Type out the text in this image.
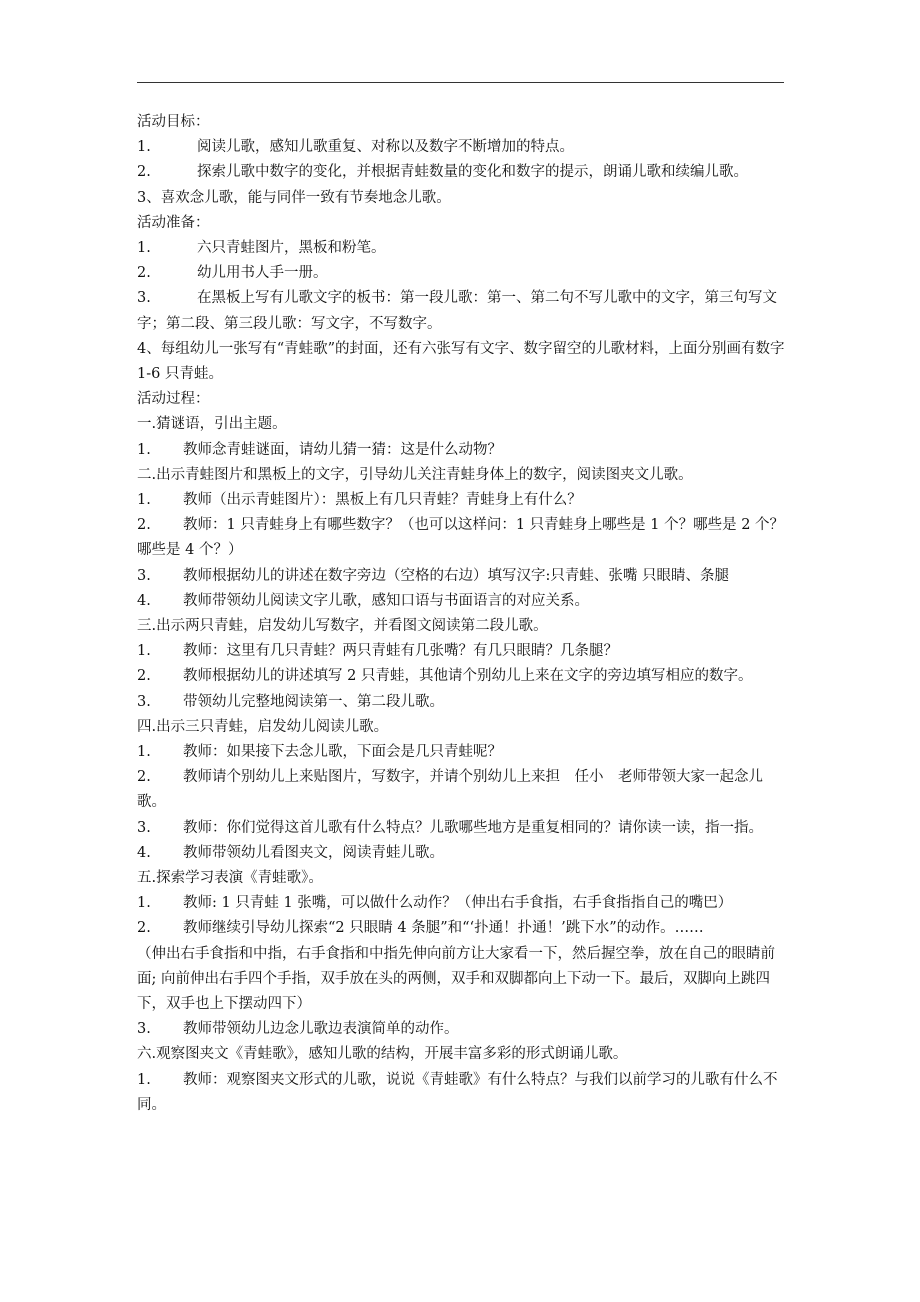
活动目标：
1.	阅读儿歌，感知儿歌重复、对称以及数字不断增加的特点。
2.	探索儿歌中数字的变化，并根据青蛙数量的变化和数字的提示，朗诵儿歌和续编儿歌。
3、喜欢念儿歌，能与同伴一致有节奏地念儿歌。
活动准备：
1.	六只青蛙图片，黑板和粉笔。
2.	幼儿用书人手一册。
3.	在黑板上写有儿歌文字的板书：第一段儿歌：第一、第二句不写儿歌中的文字，第三句写文字；第二段、第三段儿歌：写文字，不写数字。
4、每组幼儿一张写有“青蛙歌”的封面，还有六张写有文字、数字留空的儿歌材料，上面分别画有数字 1-6 只青蛙。
活动过程：
一.猜谜语，引出主题。
1.	教师念青蛙谜面，请幼儿猜一猜：这是什么动物？
二.出示青蛙图片和黑板上的文字，引导幼儿关注青蛙身体上的数字，阅读图夹文儿歌。
1.	教师（出示青蛙图片）：黑板上有几只青蛙？青蛙身上有什么？
2. 教师：1 只青蛙身上有哪些数字？（也可以这样问：1 只青蛙身上哪些是 1 个？哪些是 2 个？哪些是 4 个？）
3. 教师根据幼儿的讲述在数字旁边（空格的右边）填写汉字:只青蛙、张嘴 只眼睛、条腿
4.	教师带领幼儿阅读文字儿歌，感知口语与书面语言的对应关系。
三.出示两只青蛙，启发幼儿写数字，并看图文阅读第二段儿歌。
1.	教师：这里有几只青蛙？两只青蛙有几张嘴？有几只眼睛？几条腿？
2. 教师根据幼儿的讲述填写 2 只青蛙，其他请个别幼儿上来在文字的旁边填写相应的数字。
3.	带领幼儿完整地阅读第一、第二段儿歌。
四.出示三只青蛙，启发幼儿阅读儿歌。
1.	教师：如果接下去念儿歌，下面会是几只青蛙呢？
2. 教师请个别幼儿上来贴图片，写数字，并请个别幼儿上来担　任小　老师带领大家一起念儿歌。
3. 教师：你们觉得这首儿歌有什么特点？儿歌哪些地方是重复相同的？请你读一读，指一指。
4.	教师带领幼儿看图夹文，阅读青蛙儿歌。
五.探索学习表演《青蛙歌》。
1.	教师: 1 只青蛙 1 张嘴，可以做什么动作？（伸出右手食指，右手食指指自己的嘴巴）
2.	教师继续引导幼儿探索“2 只眼睛 4 条腿”和“‘扑通！扑通！’跳下水”的动作。……
（伸出右手食指和中指，右手食指和中指先伸向前方让大家看一下，然后握空拳，放在自己的眼睛前面; 向前伸出右手四个手指，双手放在头的两侧，双手和双脚都向上下动一下。最后，双脚向上跳四下，双手也上下摆动四下）
3.	教师带领幼儿边念儿歌边表演简单的动作。
六.观察图夹文《青蛙歌》，感知儿歌的结构，开展丰富多彩的形式朗诵儿歌。
1. 教师：观察图夹文形式的儿歌，说说《青蛙歌》有什么特点？与我们以前学习的儿歌有什么不同。
